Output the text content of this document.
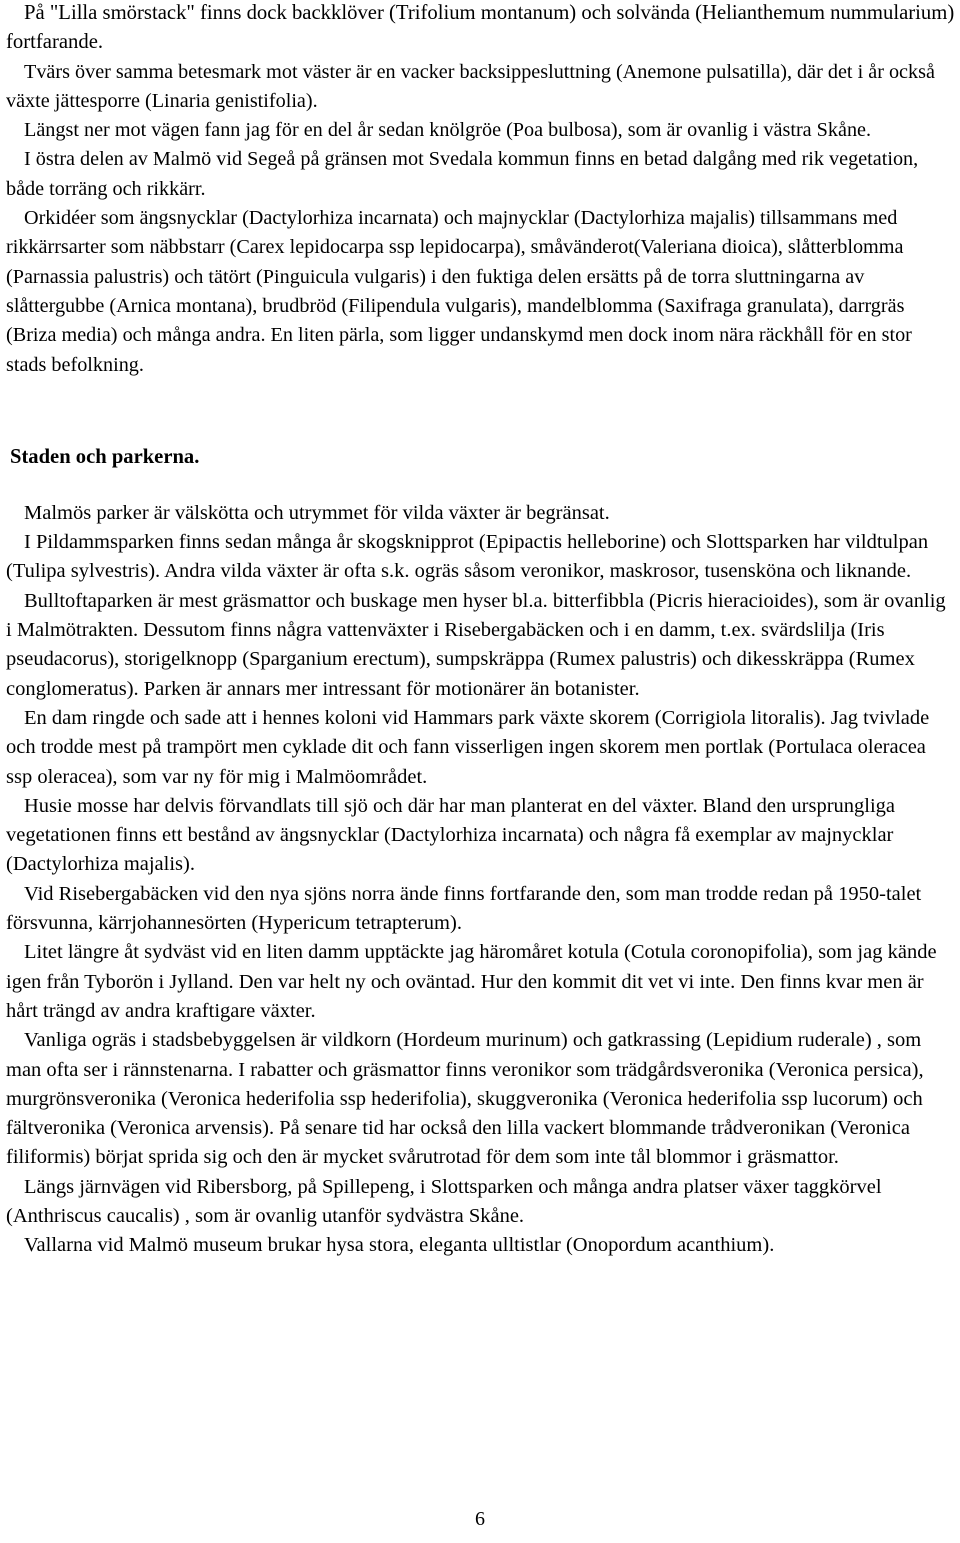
På "Lilla smörstack" finns dock backklöver (Trifolium montanum) och solvända (Helianthemum nummularium) fortfarande.

Tvärs över samma betesmark mot väster är en vacker backsippesluttning (Anemone pulsatilla), där det i år också växte jättesporre (Linaria genistifolia).

Längst ner mot vägen fann jag för en del år sedan knölgröe (Poa bulbosa), som är ovanlig i västra Skåne.

I östra delen av Malmö vid Segeå på gränsen mot Svedala kommun finns en betad dalgång med rik vegetation, både torräng och rikkärr.

Orkidéer som ängsnycklar (Dactylorhiza incarnata) och majnycklar (Dactylorhiza majalis) tillsammans med rikkärrsarter som näbbstarr (Carex lepidocarpa ssp lepidocarpa), småvänderot(Valeriana dioica), slåtterblomma (Parnassia palustris) och tätört (Pinguicula vulgaris) i den fuktiga delen ersätts på de torra sluttningarna av slåttergubbe (Arnica montana), brudbröd (Filipendula vulgaris), mandelblomma (Saxifraga granulata), darrgräs (Briza media) och många andra. En liten pärla, som ligger undanskymd men dock inom nära räckhåll för en stor stads befolkning.

Staden och parkerna.

Malmös parker är välskötta och utrymmet för vilda växter är begränsat.

I Pildammsparken finns sedan många år skogsknipprot (Epipactis helleborine) och Slottsparken har vildtulpan (Tulipa sylvestris). Andra vilda växter är ofta s.k. ogräs såsom veronikor, maskrosor, tusensköna och liknande.

Bulltoftaparken är mest gräsmattor och buskage men hyser bl.a. bitterfibbla (Picris hieracioides), som är ovanlig i Malmötrakten. Dessutom finns några vattenväxter i Risebergabäcken och i en damm, t.ex. svärdslilja (Iris pseudacorus), storigelknopp (Sparganium erectum), sumpskräppa (Rumex palustris) och dikesskräppa (Rumex conglomeratus). Parken är annars mer intressant för motionärer än botanister.

En dam ringde och sade att i hennes koloni vid Hammars park växte skorem (Corrigiola litoralis). Jag tvivlade och trodde mest på trampört men cyklade dit och fann visserligen ingen skorem men portlak (Portulaca oleracea ssp oleracea), som var ny för mig i Malmöområdet.

Husie mosse har delvis förvandlats till sjö och där har man planterat en del växter. Bland den ursprungliga vegetationen finns ett bestånd av ängsnycklar (Dactylorhiza incarnata) och några få exemplar av majnycklar (Dactylorhiza majalis).

Vid Risebergabäcken vid den nya sjöns norra ände finns fortfarande den, som man trodde redan på 1950-talet försvunna, kärrjohannesörten (Hypericum tetrapterum).

Litet längre åt sydväst vid en liten damm upptäckte jag häromåret kotula (Cotula coronopifolia), som jag kände igen från Tyborön i Jylland. Den var helt ny och oväntad. Hur den kommit dit vet vi inte. Den finns kvar men är hårt trängd av andra kraftigare växter.

Vanliga ogräs i stadsbebyggelsen är vildkorn (Hordeum murinum) och gatkrassing (Lepidium ruderale) , som man ofta ser i rännstenarna. I rabatter och gräsmattor finns veronikor som trädgårdsveronika (Veronica persica), murgrönsveronika (Veronica hederifolia ssp hederifolia), skuggveronika (Veronica hederifolia ssp lucorum) och fältveronika (Veronica arvensis). På senare tid har också den lilla vackert blommande trådveronikan (Veronica filiformis) börjat sprida sig och den är mycket svårutrotad för dem som inte tål blommor i gräsmattor.

Längs järnvägen vid Ribersborg, på Spillepeng, i Slottsparken och många andra platser växer taggkörvel (Anthriscus caucalis) , som är ovanlig utanför sydvästra Skåne.

Vallarna vid Malmö museum brukar hysa stora, eleganta ulltistlar (Onopordum acanthium).

6
